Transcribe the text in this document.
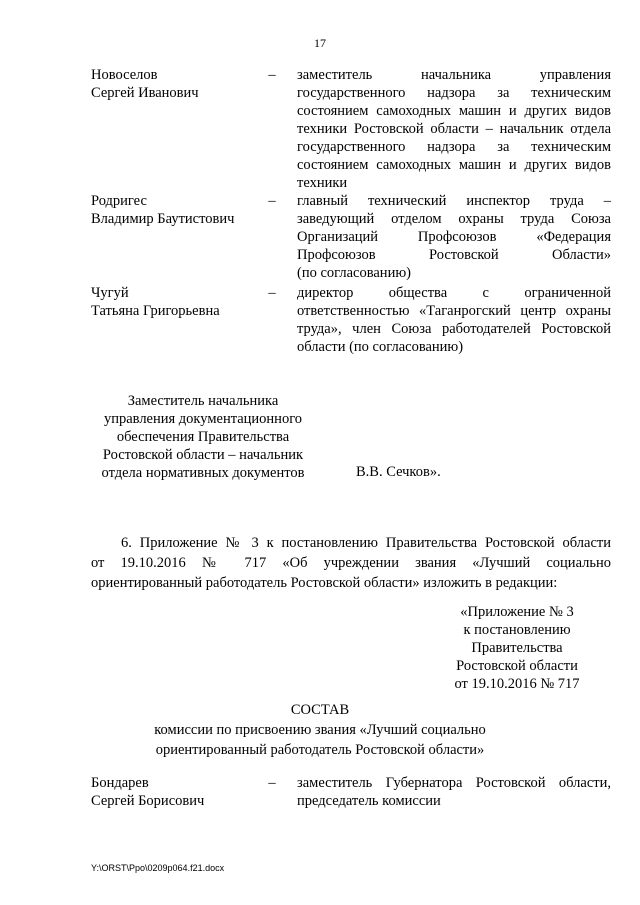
17
Новоселов
Сергей Иванович
– заместитель начальника управления
государственного надзора за техническим
состоянием самоходных машин и других видов
техники Ростовской области – начальник отдела
государственного надзора за техническим
состоянием самоходных машин и других видов
техники
Родригес
Владимир Баутистович
– главный технический инспектор труда –
заведующий отделом охраны труда Союза
Организаций Профсоюзов «Федерация
Профсоюзов Ростовской Области»
(по согласованию)
Чугуй
Татьяна Григорьевна
– директор общества с ограниченной
ответственностью «Таганрогский центр охраны
труда», член Союза работодателей Ростовской
области (по согласованию)
Заместитель начальника
управления документационного
обеспечения Правительства
Ростовской области – начальник
отдела нормативных документов	В.В. Сечков».
6. Приложение № 3 к постановлению Правительства Ростовской области
от 19.10.2016 № 717 «Об учреждении звания «Лучший социально
ориентированный работодатель Ростовской области» изложить в редакции:
«Приложение № 3
к постановлению
Правительства
Ростовской области
от 19.10.2016 № 717
СОСТАВ
комиссии по присвоению звания «Лучший социально
ориентированный работодатель Ростовской области»
Бондарев
Сергей Борисович
– заместитель Губернатора Ростовской области,
председатель комиссии
Y:\ORST\Ppo\0209p064.f21.docx
